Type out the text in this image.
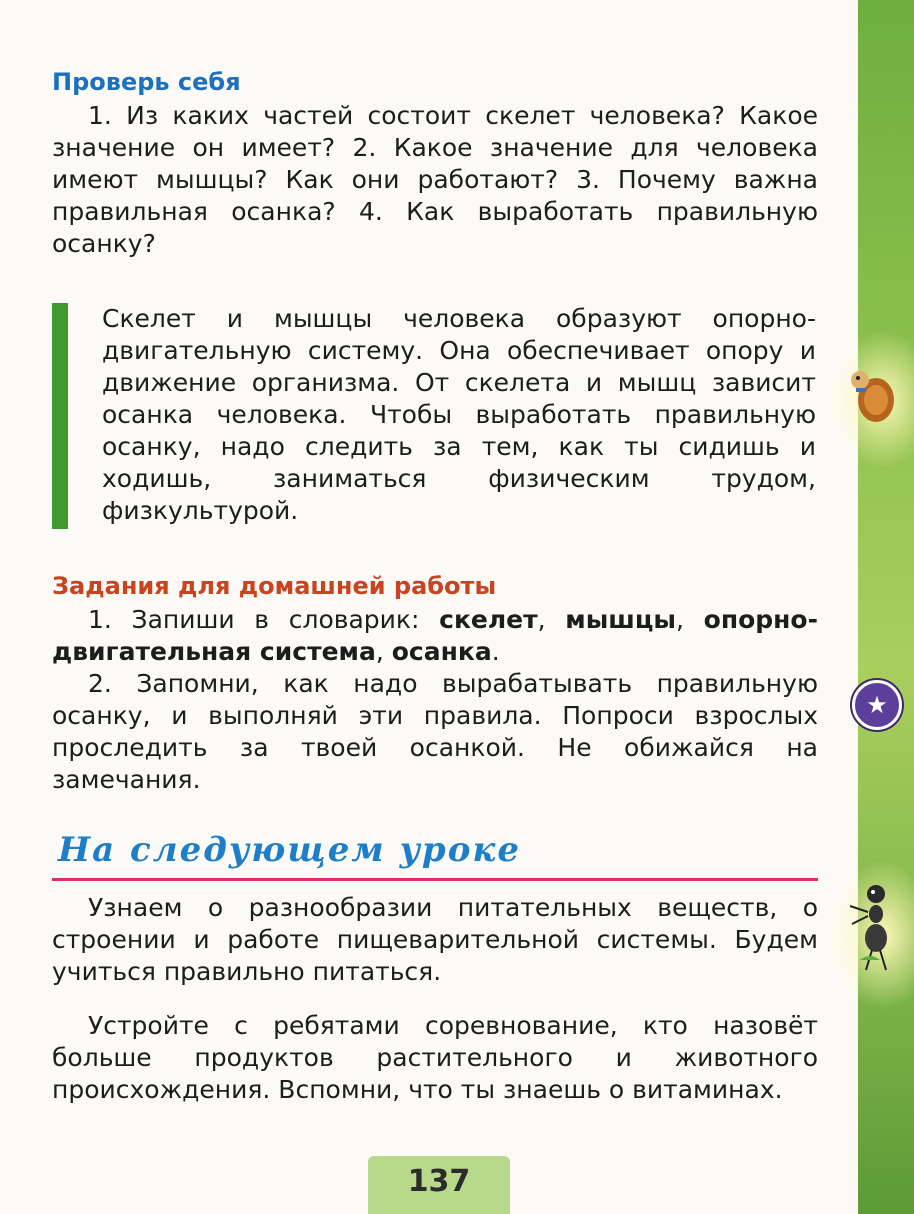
Проверь себя

1. Из каких частей состоит скелет человека? Какое значение он имеет? 2. Какое значение для человека имеют мышцы? Как они работают? 3. Почему важна правильная осанка? 4. Как выработать правильную осанку?

Скелет и мышцы человека образуют опорно-двигательную систему. Она обеспечивает опору и движение организма. От скелета и мышц зависит осанка человека. Чтобы выработать правильную осанку, надо следить за тем, как ты сидишь и ходишь, заниматься физическим трудом, физкультурой.
Задания для домашней работы

1. Запиши в словарик: скелет, мышцы, опорно-двигательная система, осанка.

2. Запомни, как надо вырабатывать правильную осанку, и выполняй эти правила. Попроси взрослых проследить за твоей осанкой. Не обижайся на замечания.

На следующем уроке

Узнаем о разнообразии питательных веществ, о строении и работе пищеварительной системы. Будем учиться правильно питаться.

Устройте с ребятами соревнование, кто назовёт больше продуктов растительного и животного происхождения. Вспомни, что ты знаешь о витаминах.

137
★
